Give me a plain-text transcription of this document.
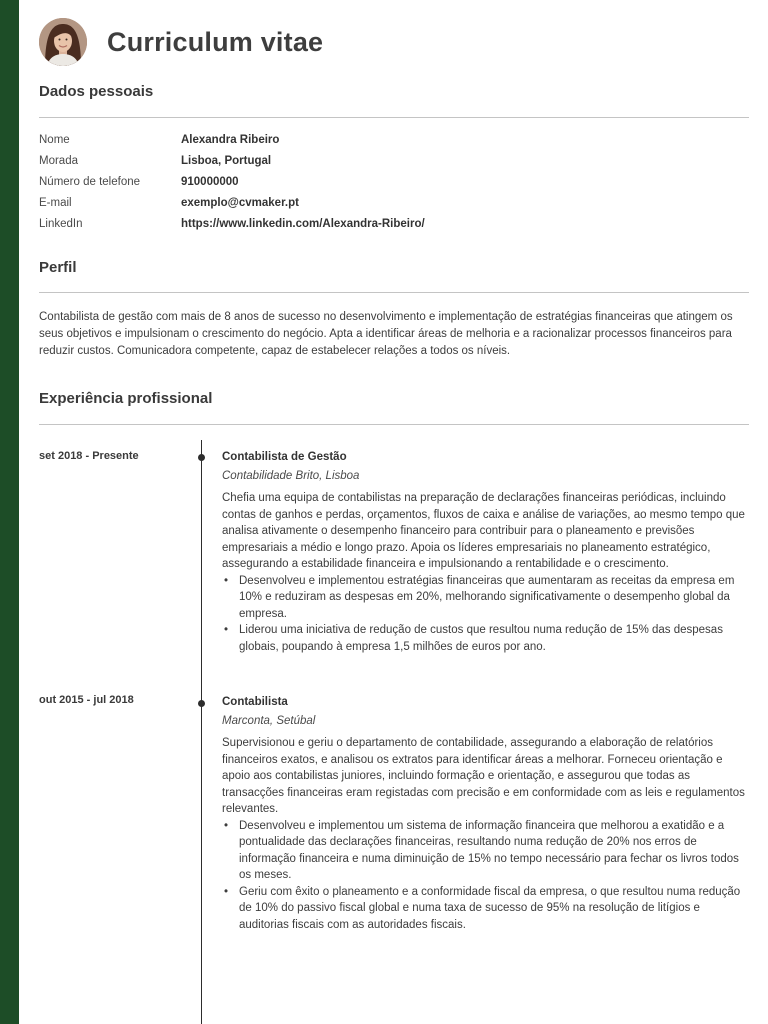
Curriculum vitae
Dados pessoais
Nome	Alexandra Ribeiro
Morada	Lisboa, Portugal
Número de telefone	910000000
E-mail	exemplo@cvmaker.pt
LinkedIn	https://www.linkedin.com/Alexandra-Ribeiro/
Perfil
Contabilista de gestão com mais de 8 anos de sucesso no desenvolvimento e implementação de estratégias financeiras que atingem os seus objetivos e impulsionam o crescimento do negócio. Apta a identificar áreas de melhoria e a racionalizar processos financeiros para reduzir custos. Comunicadora competente, capaz de estabelecer relações a todos os níveis.
Experiência profissional
set 2018 - Presente	Contabilista de Gestão
Contabilidade Brito, Lisboa
Chefia uma equipa de contabilistas na preparação de declarações financeiras periódicas, incluindo contas de ganhos e perdas, orçamentos, fluxos de caixa e análise de variações, ao mesmo tempo que analisa ativamente o desempenho financeiro para contribuir para o planeamento e previsões empresariais a médio e longo prazo. Apoia os líderes empresariais no planeamento estratégico, assegurando a estabilidade financeira e impulsionando a rentabilidade e o crescimento.
• Desenvolveu e implementou estratégias financeiras que aumentaram as receitas da empresa em 10% e reduziram as despesas em 20%, melhorando significativamente o desempenho global da empresa.
• Liderou uma iniciativa de redução de custos que resultou numa redução de 15% das despesas globais, poupando à empresa 1,5 milhões de euros por ano.
out 2015 - jul 2018	Contabilista
Marconta, Setúbal
Supervisionou e geriu o departamento de contabilidade, assegurando a elaboração de relatórios financeiros exatos, e analisou os extratos para identificar áreas a melhorar. Forneceu orientação e apoio aos contabilistas juniores, incluindo formação e orientação, e assegurou que todas as transacções financeiras eram registadas com precisão e em conformidade com as leis e regulamentos relevantes.
• Desenvolveu e implementou um sistema de informação financeira que melhorou a exatidão e a pontualidade das declarações financeiras, resultando numa redução de 20% nos erros de informação financeira e numa diminuição de 15% no tempo necessário para fechar os livros todos os meses.
• Geriu com êxito o planeamento e a conformidade fiscal da empresa, o que resultou numa redução de 10% do passivo fiscal global e numa taxa de sucesso de 95% na resolução de litígios e auditorias fiscais com as autoridades fiscais.
